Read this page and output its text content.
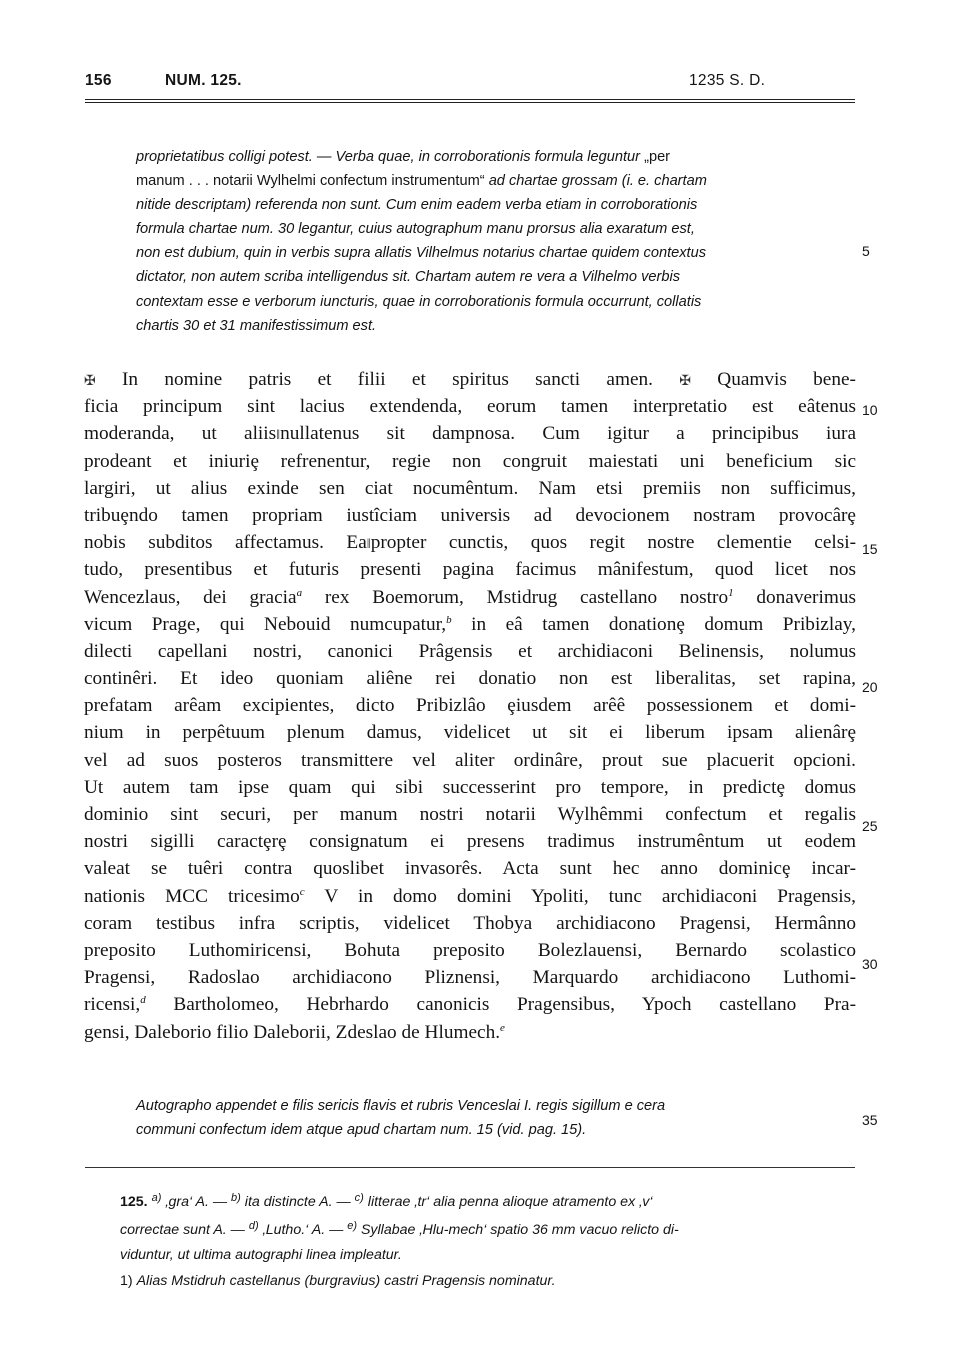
156	NUM. 125.	1235 S. D.
proprietatibus colligi potest. — Verba quae, in corroborationis formula leguntur „per
manum . . . notarii Wylhelmi confectum instrumentum“ ad chartae grossam (i. e. chartam
nitide descriptam) referenda non sunt. Cum enim eadem verba etiam in corroborationis
formula chartae num. 30 legantur, cuius autographum manu prorsus alia exaratum est,
non est dubium, quin in verbis supra allatis Vilhelmus notarius chartae quidem contextus
dictator, non autem scriba intelligendus sit. Chartam autem re vera a Vilhelmo verbis
contextam esse e verborum iuncturis, quae in corroborationis formula occurrunt, collatis
chartis 30 et 31 manifestissimum est.
✠ In nomine patris et filii et spiritus sancti amen. ✠ Quamvis bene-
ficia principum sint lacius extendenda, eorum tamen interpretatio est eâtenus
moderanda, ut aliis‖nullatenus sit dampnosa. Cum igitur a principibus iura
prodeant et iniuriȩ refrenentur, regie non congruit maiestati uni beneficium sic
largiri, ut alius exinde sen ciat nocumêntum. Nam etsi premiis non sufficimus,
tribuȩndo tamen propriam iustîciam universis ad devocionem nostram provocârȩ
nobis subditos affectamus. Ea‖propter cunctis, quos regit nostre clementie celsi-
tudo, presentibus et futuris presenti pagina facimus mânifestum, quod licet nos
Wencezlaus, dei gracia$^a$ rex Boemorum, Mstidrug castellano nostro$^1$ donaverimus
vicum Prage, qui Nebouid numcupatur,$^b$ in eâ tamen donationȩ domum Pribizlay,
dilecti capellani nostri, canonici Prâgensis et archidiaconi Belinensis, nolumus
continêri. Et ideo quoniam aliêne rei donatio non est liberalitas, set rapina,
prefatam arêam excipientes, dicto Pribizlâo ȩiusdem arêê possessionem et domi-
nium in perpêtuum plenum damus, videlicet ut sit ei liberum ipsam alienârȩ
vel ad suos posteros transmittere vel aliter ordinâre, prout sue placuerit opcioni.
Ut autem tam ipse quam qui sibi successerint pro tempore, in predictȩ domus
dominio sint securi, per manum nostri notarii Wylhêmmi confectum et regalis
nostri sigilli caractȩrȩ consignatum ei presens tradimus instrumêntum ut eodem
valeat se tuêri contra quoslibet invasorês. Acta sunt hec anno dominicȩ incar-
nationis MCC tricesimo$^c$ V in domo domini Ypoliti, tunc archidiaconi Pragensis,
coram testibus infra scriptis, videlicet Thobya archidiacono Pragensi, Hermânno
preposito Luthomiricensi, Bohuta preposito Bolezlauensi, Bernardo scolastico
Pragensi, Radoslao archidiacono Pliznensi, Marquardo archidiacono Luthomi-
ricensi,$^d$ Bartholomeo, Hebrhardo canonicis Pragensibus, Ypoch castellano Pra-
gensi, Daleborio filio Daleborii, Zdeslao de Hlumech.$^e$
5
10
15
20
25
30
35
Autographo appendet e filis sericis flavis et rubris Venceslai I. regis sigillum e cera
communi confectum idem atque apud chartam num. 15 (vid. pag. 15).

125. $^{a)}$ ‚gra‘ A. — $^{b)}$ ita distincte A. — $^{c)}$ litterae ‚tr‘ alia penna alioque atramento ex ‚v‘

correctae sunt A. — $^{d)}$ ‚Lutho.‘ A. — $^{e)}$ Syllabae ‚Hlu-mech‘ spatio 36 mm vacuo relicto di-

viduntur, ut ultima autographi linea impleatur.

1) Alias Mstidruh castellanus (burgravius) castri Pragensis nominatur.
